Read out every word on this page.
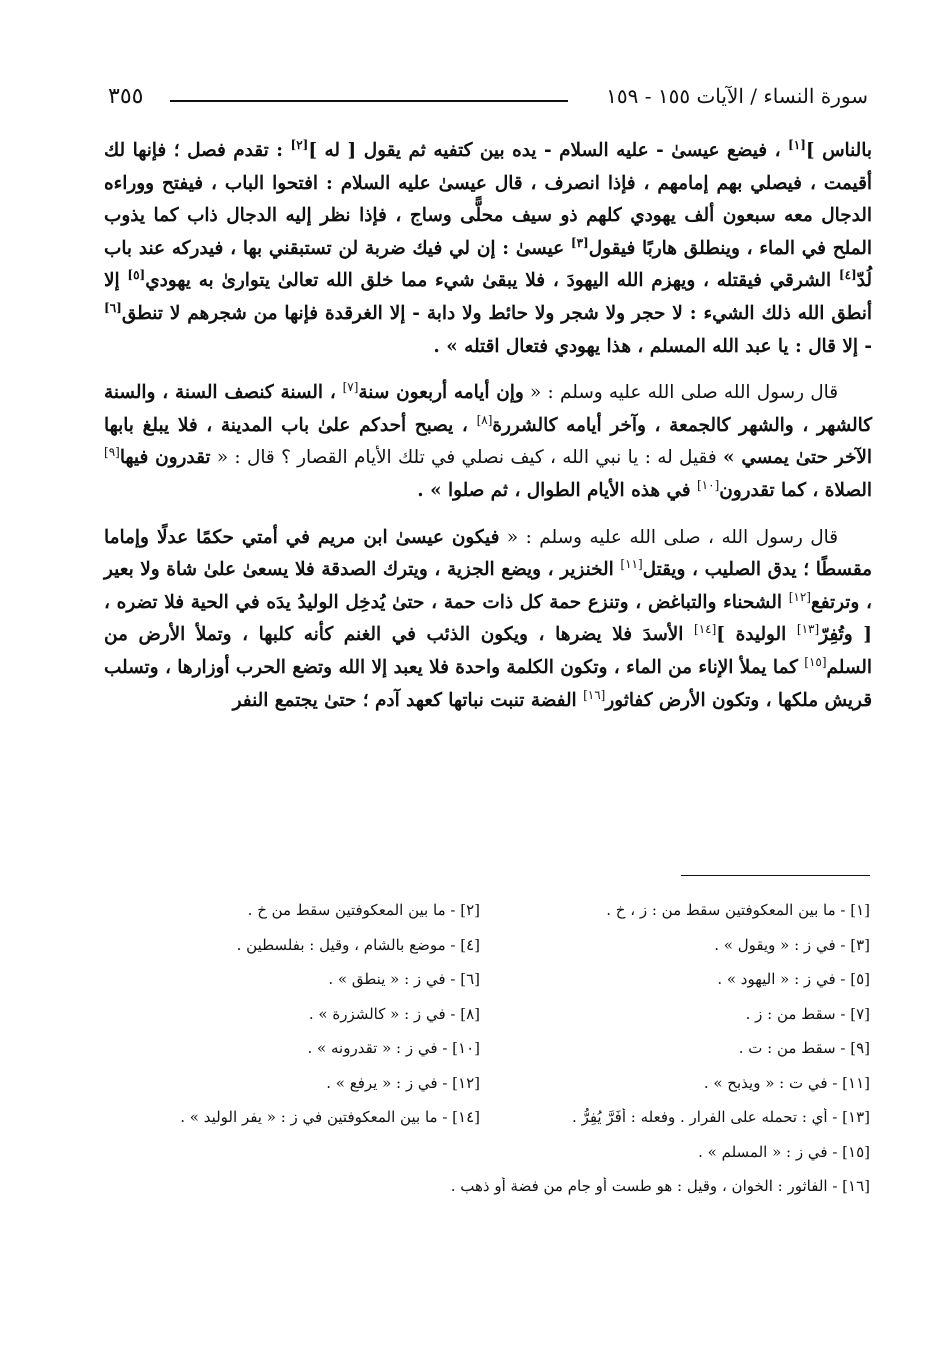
سورة النساء / الآيات ١٥٥ - ١٥٩
٣٥٥

بالناس ][١] ، فيضع عيسىٰ - عليه السلام - يده بين كتفيه ثم يقول [ له ][٢] : تقدم فصل ؛ فإنها لك أقيمت ، فيصلي بهم إمامهم ، فإذا انصرف ، قال عيسىٰ عليه السلام : افتحوا الباب ، فيفتح ووراءه الدجال معه سبعون ألف يهودي كلهم ذو سيف محلًّى وساج ، فإذا نظر إليه الدجال ذاب كما يذوب الملح في الماء ، وينطلق هاربًا فيقول[٣] عيسىٰ : إن لي فيك ضربة لن تستبقني بها ، فيدركه عند باب لُدّ[٤] الشرقي فيقتله ، ويهزم الله اليهودَ ، فلا يبقىٰ شيء مما خلق الله تعالىٰ يتوارىٰ به يهودي[٥] إلا أنطق الله ذلك الشيء : لا حجر ولا شجر ولا حائط ولا دابة - إلا الغرقدة فإنها من شجرهم لا تنطق[٦] - إلا قال : يا عبد الله المسلم ، هذا يهودي فتعال اقتله » .

قال رسول الله صلى الله عليه وسلم : « وإن أيامه أربعون سنة[٧] ، السنة كنصف السنة ، والسنة كالشهر ، والشهر كالجمعة ، وآخر أيامه كالشررة[٨] ، يصبح أحدكم علىٰ باب المدينة ، فلا يبلغ بابها الآخر حتىٰ يمسي » فقيل له : يا نبي الله ، كيف نصلي في تلك الأيام القصار ؟ قال : « تقدرون فيها[٩] الصلاة ، كما تقدرون[١٠] في هذه الأيام الطوال ، ثم صلوا » .

قال رسول الله ، صلى الله عليه وسلم : « فيكون عيسىٰ ابن مريم في أمتي حكمًا عدلًا وإماما مقسطًا ؛ يدق الصليب ، ويقتل[١١] الخنزير ، ويضع الجزية ، ويترك الصدقة فلا يسعىٰ علىٰ شاة ولا بعير ، وترتفع[١٢] الشحناء والتباغض ، وتنزع حمة كل ذات حمة ، حتىٰ يُدخِل الوليدُ يدَه في الحية فلا تضره ، [ وتُفِرّ[١٣] الوليدة ][١٤] الأسدَ فلا يضرها ، ويكون الذئب في الغنم كأنه كلبها ، وتملأ الأرض من السلم[١٥] كما يملأ الإناء من الماء ، وتكون الكلمة واحدة فلا يعبد إلا الله وتضع الحرب أوزارها ، وتسلب قريش ملكها ، وتكون الأرض كفاثور[١٦] الفضة تنبت نباتها كعهد آدم ؛ حتىٰ يجتمع النفر

[١] - ما بين المعكوفتين سقط من : ز ، خ .
[٢] - ما بين المعكوفتين سقط من خ .
[٣] - في ز : « ويقول » .
[٤] - موضع بالشام ، وقيل : بفلسطين .
[٥] - في ز : « اليهود » .
[٦] - في ز : « ينطق » .
[٧] - سقط من : ز .
[٨] - في ز : « كالشزرة » .
[٩] - سقط من : ت .
[١٠] - في ز : « تقدرونه » .
[١١] - في ت : « ويذبح » .
[١٢] - في ز : « يرفع » .
[١٣] - أي : تحمله على الفرار . وفعله : أَفَرَّ يُفِرُّ .
[١٤] - ما بين المعكوفتين في ز : « يفر الوليد » .
[١٥] - في ز : « المسلم » .
[١٦] - الفاثور : الخوان ، وقيل : هو طست أو جام من فضة أو ذهب .
